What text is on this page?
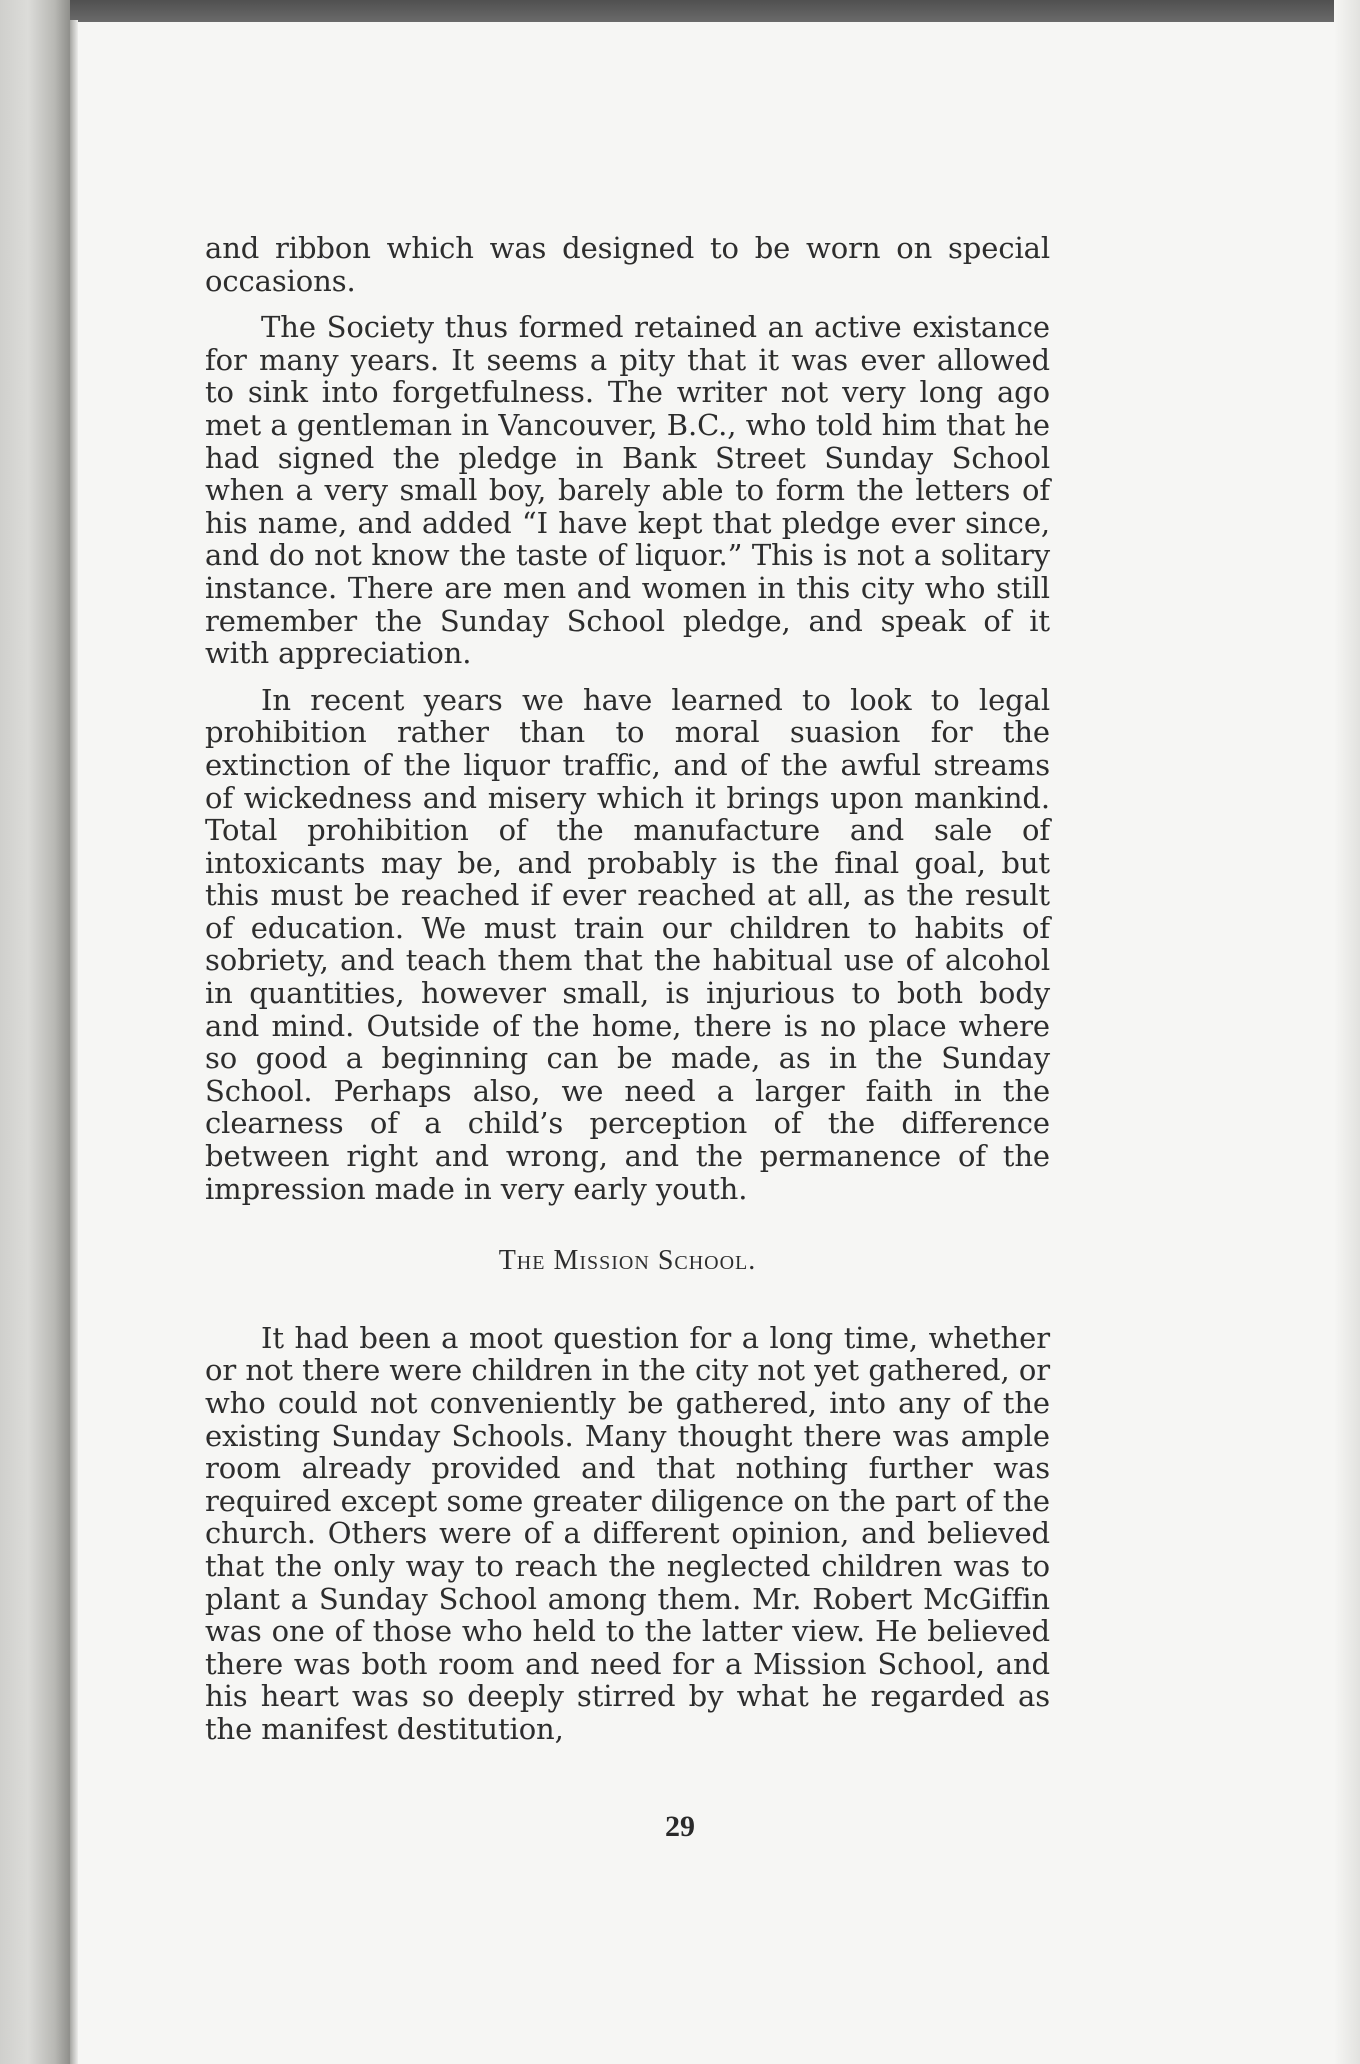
and ribbon which was designed to be worn on special occasions.

The Society thus formed retained an active existance for many years. It seems a pity that it was ever allowed to sink into forgetfulness. The writer not very long ago met a gentleman in Vancouver, B.C., who told him that he had signed the pledge in Bank Street Sunday School when a very small boy, barely able to form the letters of his name, and added “I have kept that pledge ever since, and do not know the taste of liquor.” This is not a solitary instance. There are men and women in this city who still remember the Sunday School pledge, and speak of it with appreciation.

In recent years we have learned to look to legal prohibition rather than to moral suasion for the extinction of the liquor traffic, and of the awful streams of wickedness and misery which it brings upon mankind. Total prohibition of the manufacture and sale of intoxicants may be, and probably is the final goal, but this must be reached if ever reached at all, as the result of education. We must train our children to habits of sobriety, and teach them that the habitual use of alcohol in quantities, however small, is injurious to both body and mind. Outside of the home, there is no place where so good a beginning can be made, as in the Sunday School. Perhaps also, we need a larger faith in the clearness of a child’s perception of the difference between right and wrong, and the permanence of the impression made in very early youth.

The Mission School.

It had been a moot question for a long time, whether or not there were children in the city not yet gathered, or who could not conveniently be gathered, into any of the existing Sunday Schools. Many thought there was ample room already provided and that nothing further was required except some greater diligence on the part of the church. Others were of a different opinion, and believed that the only way to reach the neglected children was to plant a Sunday School among them. Mr. Robert McGiffin was one of those who held to the latter view. He believed there was both room and need for a Mission School, and his heart was so deeply stirred by what he regarded as the manifest destitution,

29
